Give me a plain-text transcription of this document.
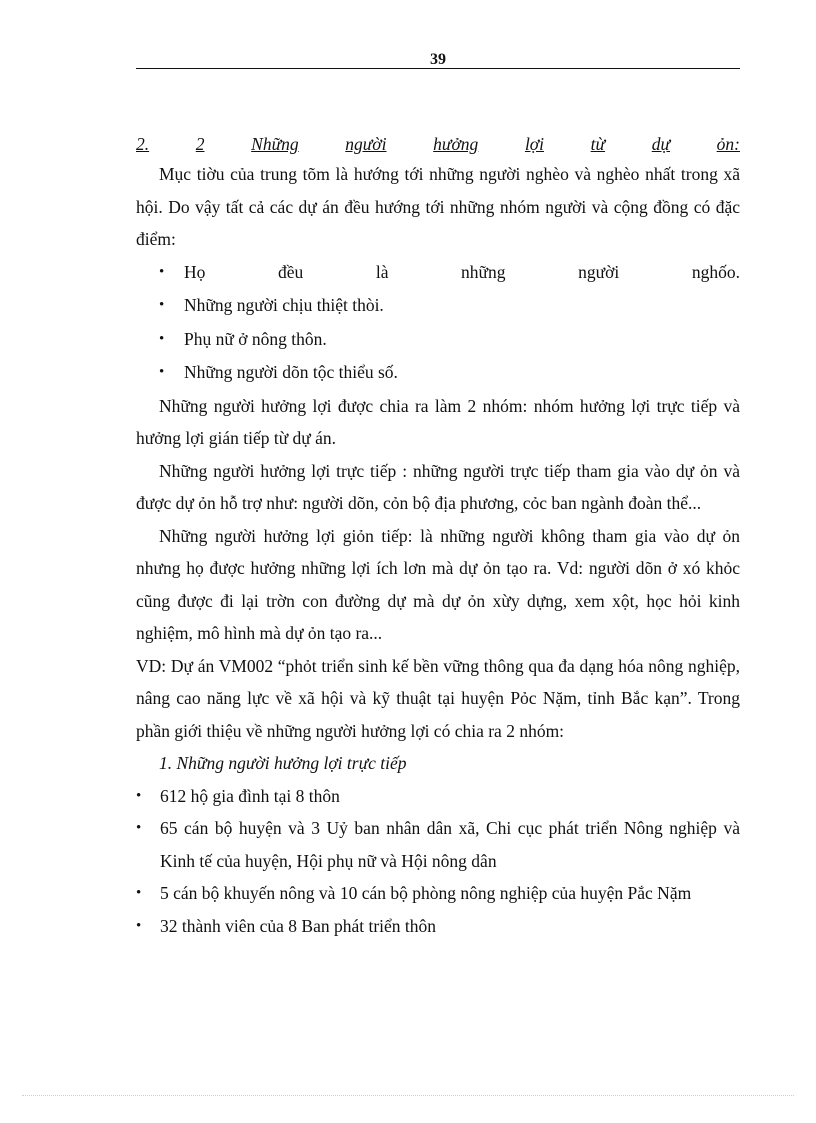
39
2.	2	Những	người	hưởng	lợi	từ	dự	ỏn:

Mục tiờu của trung tõm là hướng tới những người nghèo và nghèo nhất trong xã hội. Do vậy tất cả các dự án đều hướng tới những nhóm người và cộng đồng có đặc điểm:

• Họ	đều	là	những	người	nghốo.
• Những người chịu thiệt thòi.
• Phụ nữ ở nông thôn.
• Những người dõn tộc thiểu số.

Những người hưởng lợi được chia ra làm 2 nhóm: nhóm hưởng lợi trực tiếp và hưởng lợi gián tiếp từ dự án.

Những người hưởng lợi trực tiếp : những người trực tiếp tham gia vào dự ỏn và được dự ỏn hỗ trợ như: người dõn, cỏn bộ địa phương, cỏc ban ngành đoàn thể...

Những người hưởng lợi giỏn tiếp: là những người không tham gia vào dự ỏn nhưng họ được hưởng những lợi ích lơn mà dự ỏn tạo ra. Vd: người dõn ở xó khỏc cũng được đi lại trờn con đường dự mà dự ỏn xừy dựng, xem xột, học hỏi kinh nghiệm, mô hình mà dự ỏn tạo ra...

VD: Dự án VM002 “phỏt triển sinh kế bền vững thông qua đa dạng hóa nông nghiệp, nâng cao năng lực về xã hội và kỹ thuật tại huyện Pỏc Nặm, tỉnh Bắc kạn”. Trong phần giới thiệu về những người hưởng lợi có chia ra 2 nhóm:

1. Những người hưởng lợi trực tiếp

• 612 hộ gia đình tại 8 thôn
• 65 cán bộ huyện và 3 Uỷ ban nhân dân xã, Chi cục phát triển Nông nghiệp và Kinh tế của huyện, Hội phụ nữ và Hội nông dân
• 5 cán bộ khuyến nông và 10 cán bộ phòng nông nghiệp của huyện Pắc Nặm
• 32 thành viên của 8 Ban phát triển thôn
